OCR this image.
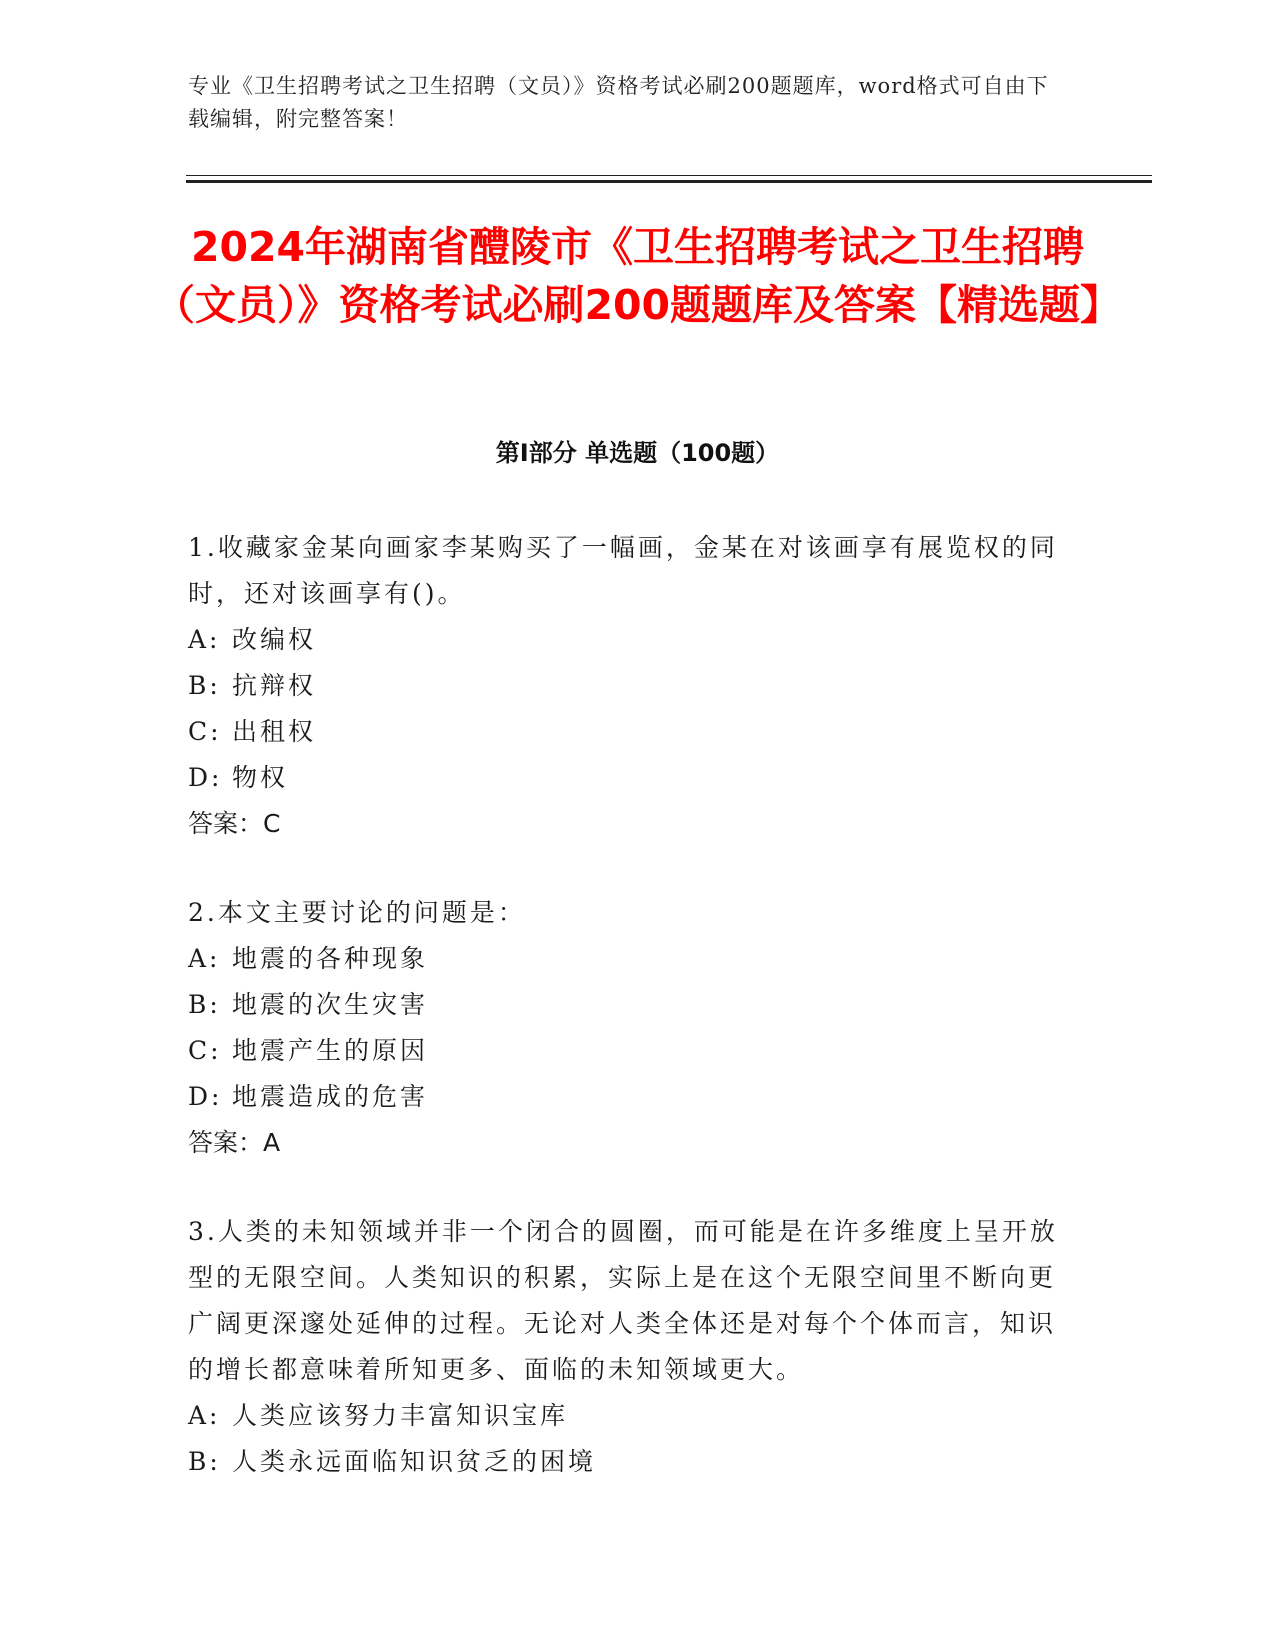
专业《卫生招聘考试之卫生招聘（文员）》资格考试必刷200题题库，word格式可自由下载编辑，附完整答案！
2024年湖南省醴陵市《卫生招聘考试之卫生招聘（文员）》资格考试必刷200题题库及答案【精选题】
第Ⅰ部分 单选题（100题）

1.收藏家金某向画家李某购买了一幅画，金某在对该画享有展览权的同时，还对该画享有()。

A: 改编权
B: 抗辩权
C: 出租权
D: 物权

答案：C

2.本文主要讨论的问题是：

A: 地震的各种现象
B: 地震的次生灾害
C: 地震产生的原因
D: 地震造成的危害

答案：A

3.人类的未知领域并非一个闭合的圆圈，而可能是在许多维度上呈开放型的无限空间。人类知识的积累，实际上是在这个无限空间里不断向更广阔更深邃处延伸的过程。无论对人类全体还是对每个个体而言，知识的增长都意味着所知更多、面临的未知领域更大。

A: 人类应该努力丰富知识宝库
B: 人类永远面临知识贫乏的困境
